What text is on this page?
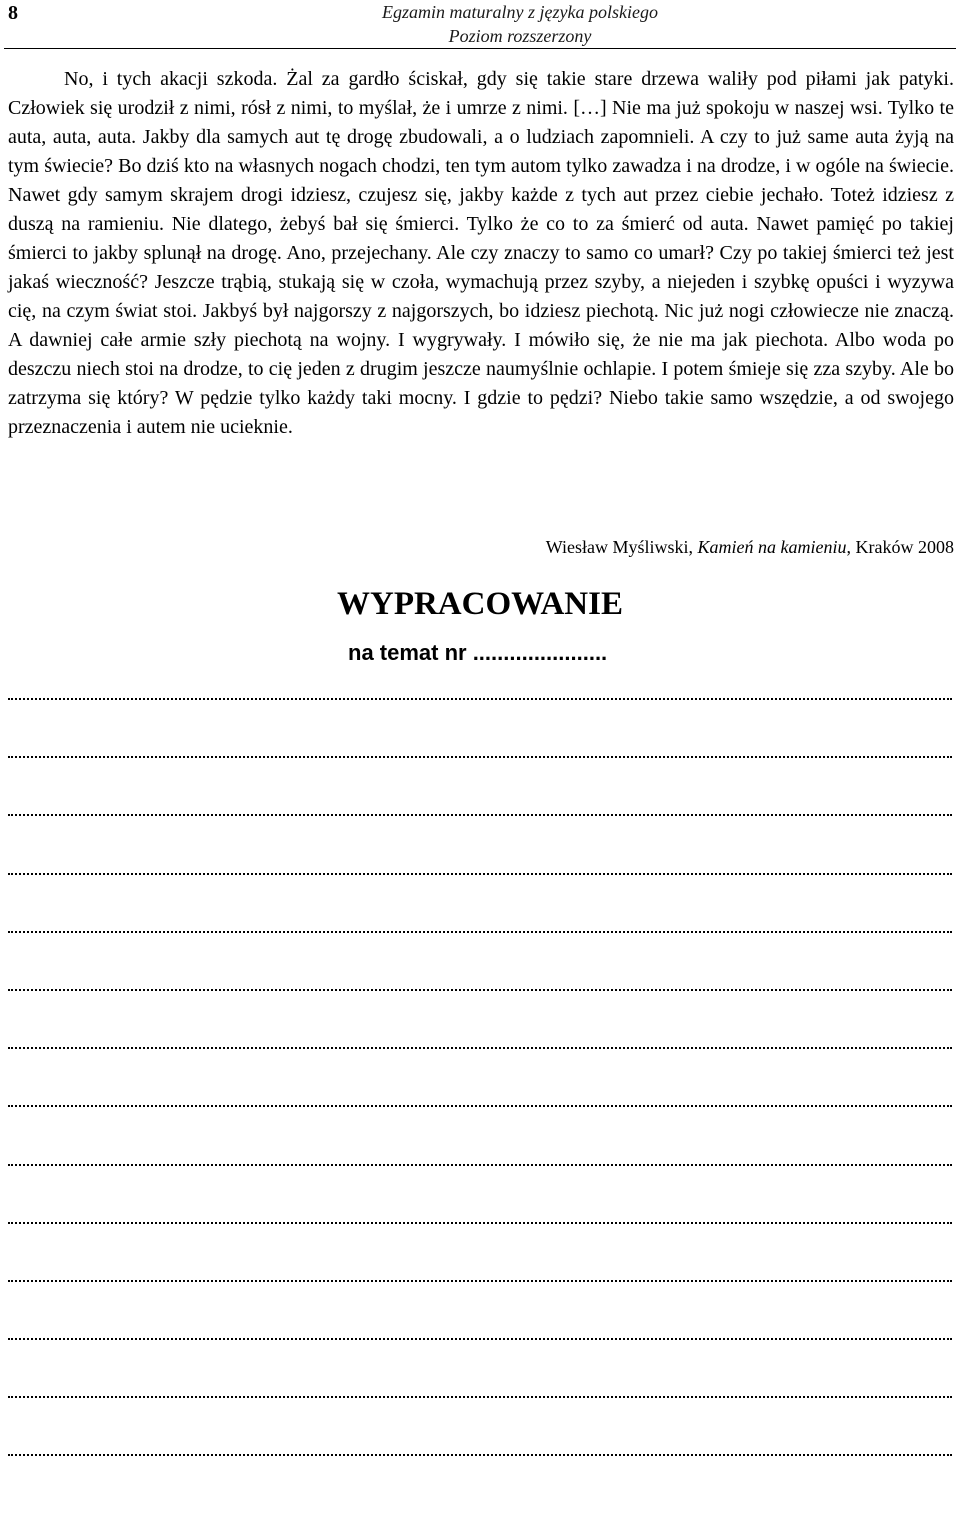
8	Egzamin maturalny z języka polskiego
Poziom rozszerzony

No, i tych akacji szkoda. Żal za gardło ściskał, gdy się takie stare drzewa waliły pod piłami jak patyki. Człowiek się urodził z nimi, rósł z nimi, to myślał, że i umrze z nimi. […] Nie ma już spokoju w naszej wsi. Tylko te auta, auta, auta. Jakby dla samych aut tę drogę zbudowali, a o ludziach zapomnieli. A czy to już same auta żyją na tym świecie? Bo dziś kto na własnych nogach chodzi, ten tym autom tylko zawadza i na drodze, i w ogóle na świecie. Nawet gdy samym skrajem drogi idziesz, czujesz się, jakby każde z tych aut przez ciebie jechało. Toteż idziesz z duszą na ramieniu. Nie dlatego, żebyś bał się śmierci. Tylko że co to za śmierć od auta. Nawet pamięć po takiej śmierci to jakby splunął na drogę. Ano, przejechany. Ale czy znaczy to samo co umarł? Czy po takiej śmierci też jest jakaś wieczność? Jeszcze trąbią, stukają się w czoła, wymachują przez szyby, a niejeden i szybkę opuści i wyzywa cię, na czym świat stoi. Jakbyś był najgorszy z najgorszych, bo idziesz piechotą. Nic już nogi człowiecze nie znaczą. A dawniej całe armie szły piechotą na wojny. I wygrywały. I mówiło się, że nie ma jak piechota. Albo woda po deszczu niech stoi na drodze, to cię jeden z drugim jeszcze naumyślnie ochlapie. I potem śmieje się zza szyby. Ale bo zatrzyma się który? W pędzie tylko każdy taki mocny. I gdzie to pędzi? Niebo takie samo wszędzie, a od swojego przeznaczenia i autem nie ucieknie.

Wiesław Myśliwski, Kamień na kamieniu, Kraków 2008
WYPRACOWANIE
na temat nr ......................
